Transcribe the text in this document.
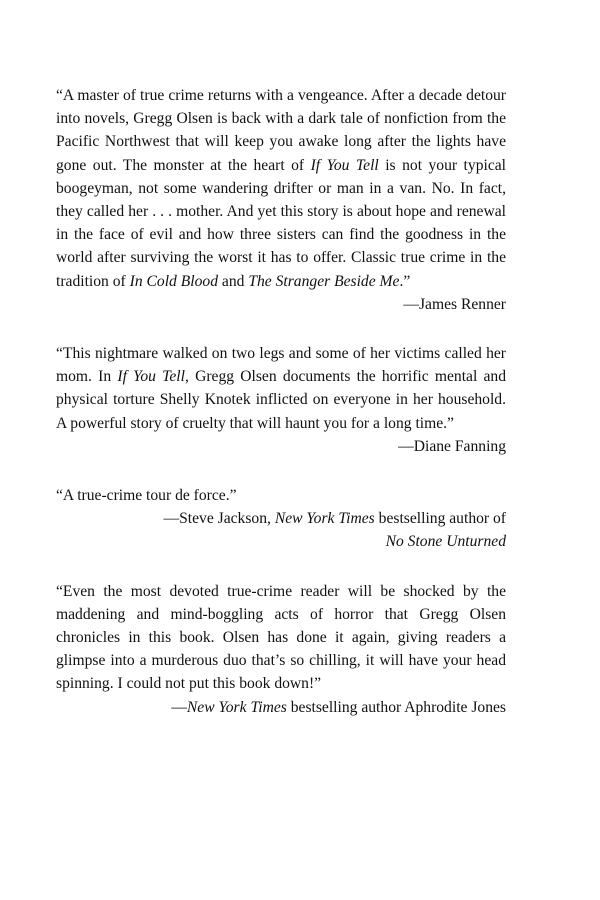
“A master of true crime returns with a vengeance. After a decade detour into novels, Gregg Olsen is back with a dark tale of nonfiction from the Pacific Northwest that will keep you awake long after the lights have gone out. The monster at the heart of If You Tell is not your typical boogeyman, not some wandering drifter or man in a van. No. In fact, they called her . . . mother. And yet this story is about hope and renewal in the face of evil and how three sisters can find the goodness in the world after surviving the worst it has to offer. Classic true crime in the tradition of In Cold Blood and The Stranger Beside Me.”

—James Renner

“This nightmare walked on two legs and some of her victims called her mom. In If You Tell, Gregg Olsen documents the horrific mental and physical torture Shelly Knotek inflicted on everyone in her household. A powerful story of cruelty that will haunt you for a long time.”

—Diane Fanning

“A true-crime tour de force.”

—Steve Jackson, New York Times bestselling author of
No Stone Unturned

“Even the most devoted true-crime reader will be shocked by the maddening and mind-boggling acts of horror that Gregg Olsen chronicles in this book. Olsen has done it again, giving readers a glimpse into a murderous duo that’s so chilling, it will have your head spinning. I could not put this book down!”

—New York Times bestselling author Aphrodite Jones
